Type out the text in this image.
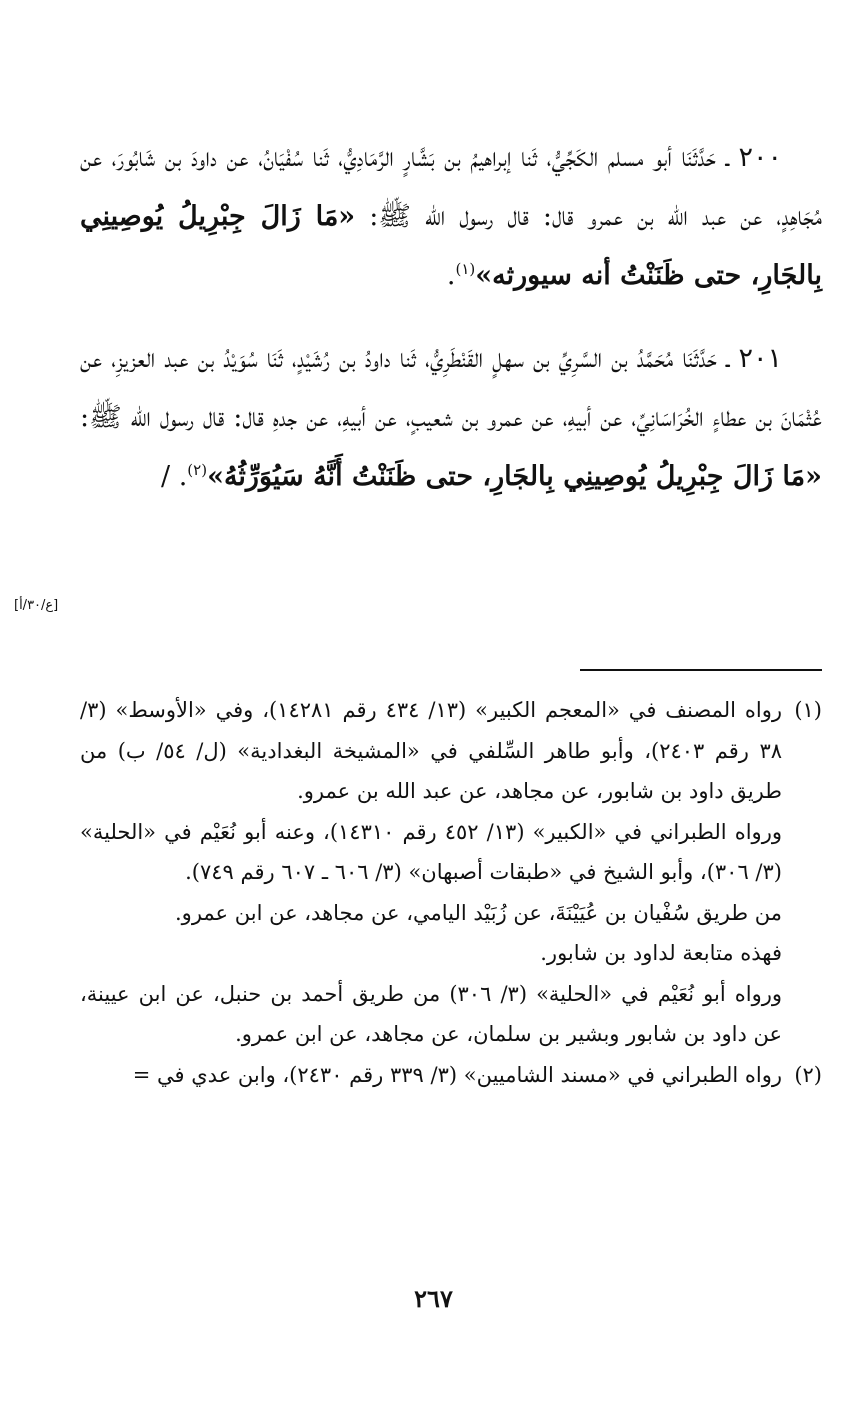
٢٠٠ ـ حَدَّثَنَا أبو مسلم الكَجِّيُّ، ثَنا إبراهيمُ بن بَشَّارٍ الرَّمَادِيُّ، ثَنا سُفْيَانُ، عن داودَ بن شَابُورَ، عن مُجَاهِدٍ، عن عبد الله بن عمرو قال: قال رسول الله ﷺ: «مَا زَالَ جِبْرِيلُ يُوصِينِي بِالجَارِ، حتى ظَنَنْتُ أنه سيورثه»$^{(١)}$.

٢٠١ ـ حَدَّثَنَا مُحَمَّدُ بن السَّرِيِّ بن سهلٍ القَنْطَرِيُّ، ثَنا داودُ بن رُشَيْدٍ، ثَنَا سُوَيْدُ بن عبد العزيزِ، عن عُثْمَانَ بن عطاءٍ الخُرَاسَانِيِّ، عن أبيهِ، عن عمرو بن شعيبٍ، عن أبيهِ، عن جدهِ قال: قال رسول الله ﷺ: «مَا زَالَ جِبْرِيلُ يُوصِينِي بِالجَارِ، حتى ظَنَنْتُ أَنَّهُ سَيُوَرِّثُهُ»$^{(٢)}$. /

[ع/٣٠/أ]
(١)

رواه المصنف في «المعجم الكبير» (١٣/ ٤٣٤ رقم ١٤٢٨١)، وفي «الأوسط» (٣/ ٣٨ رقم ٢٤٠٣)، وأبو طاهر السِّلفي في «المشيخة البغدادية» (ل/ ٥٤/ ب) من طريق داود بن شابور، عن مجاهد، عن عبد الله بن عمرو.

ورواه الطبراني في «الكبير» (١٣/ ٤٥٢ رقم ١٤٣١٠)، وعنه أبو نُعَيْم في «الحلية» (٣/ ٣٠٦)، وأبو الشيخ في «طبقات أصبهان» (٣/ ٦٠٦ ـ ٦٠٧ رقم ٧٤٩).

من طريق سُفْيان بن عُيَيْنَةَ، عن زُبَيْد اليامي، عن مجاهد، عن ابن عمرو.

فهذه متابعة لداود بن شابور.

ورواه أبو نُعَيْم في «الحلية» (٣/ ٣٠٦) من طريق أحمد بن حنبل، عن ابن عيينة، عن داود بن شابور وبشير بن سلمان، عن مجاهد، عن ابن عمرو.

(٢)

رواه الطبراني في «مسند الشاميين» (٣/ ٣٣٩ رقم ٢٤٣٠)، وابن عدي في =

٢٦٧
